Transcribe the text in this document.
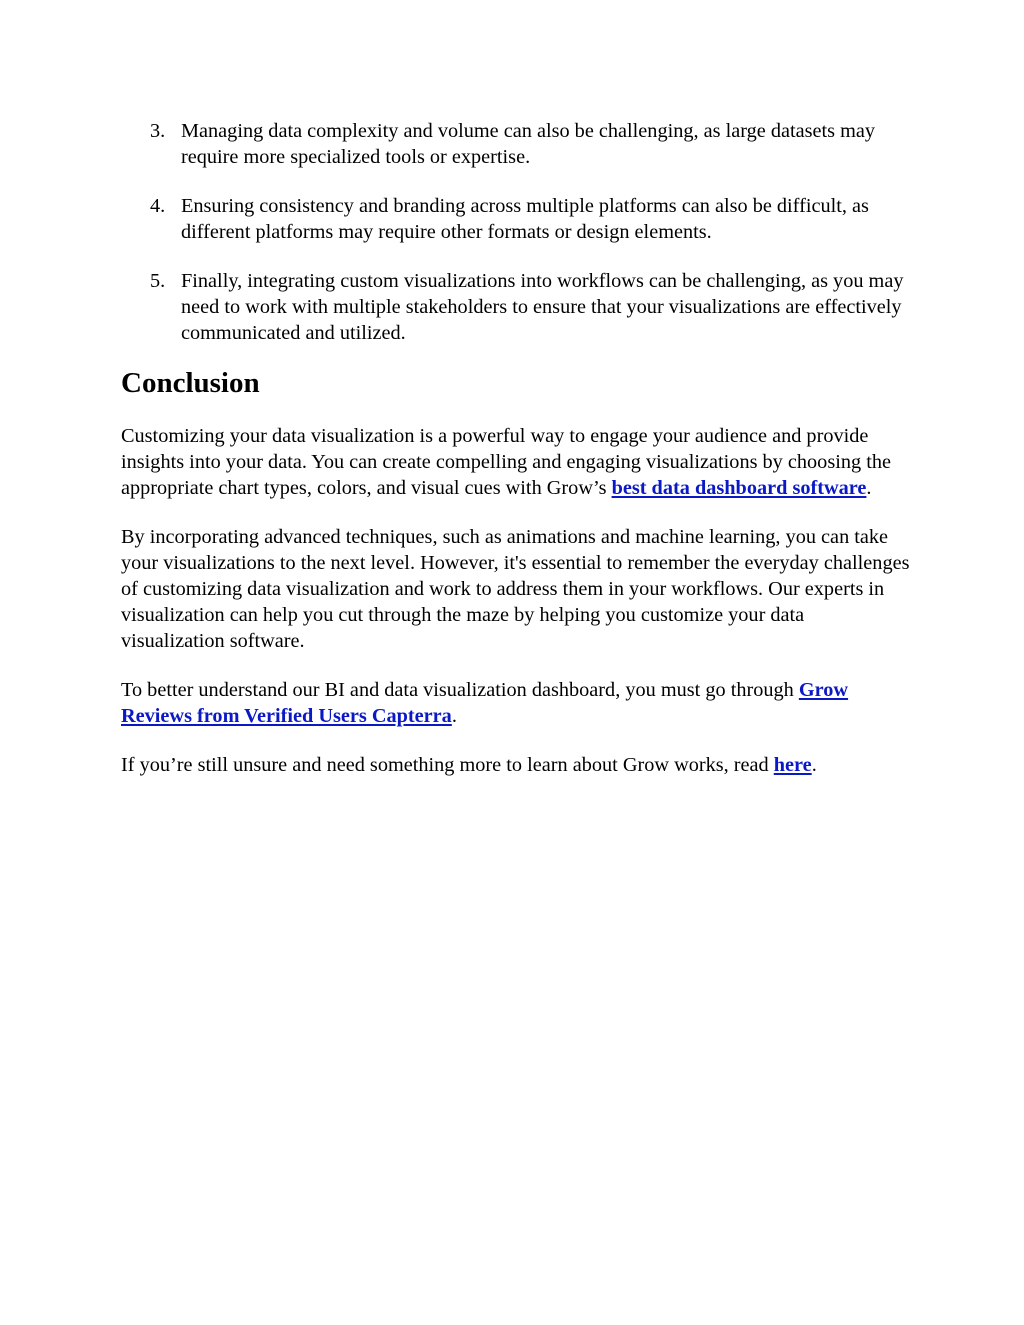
3. Managing data complexity and volume can also be challenging, as large datasets may require more specialized tools or expertise.
4. Ensuring consistency and branding across multiple platforms can also be difficult, as different platforms may require other formats or design elements.
5. Finally, integrating custom visualizations into workflows can be challenging, as you may need to work with multiple stakeholders to ensure that your visualizations are effectively communicated and utilized.
Conclusion

Customizing your data visualization is a powerful way to engage your audience and provide insights into your data. You can create compelling and engaging visualizations by choosing the appropriate chart types, colors, and visual cues with Grow’s best data dashboard software.

By incorporating advanced techniques, such as animations and machine learning, you can take your visualizations to the next level. However, it's essential to remember the everyday challenges of customizing data visualization and work to address them in your workflows. Our experts in visualization can help you cut through the maze by helping you customize your data visualization software.

To better understand our BI and data visualization dashboard, you must go through Grow Reviews from Verified Users Capterra.

If you’re still unsure and need something more to learn about Grow works, read here.
